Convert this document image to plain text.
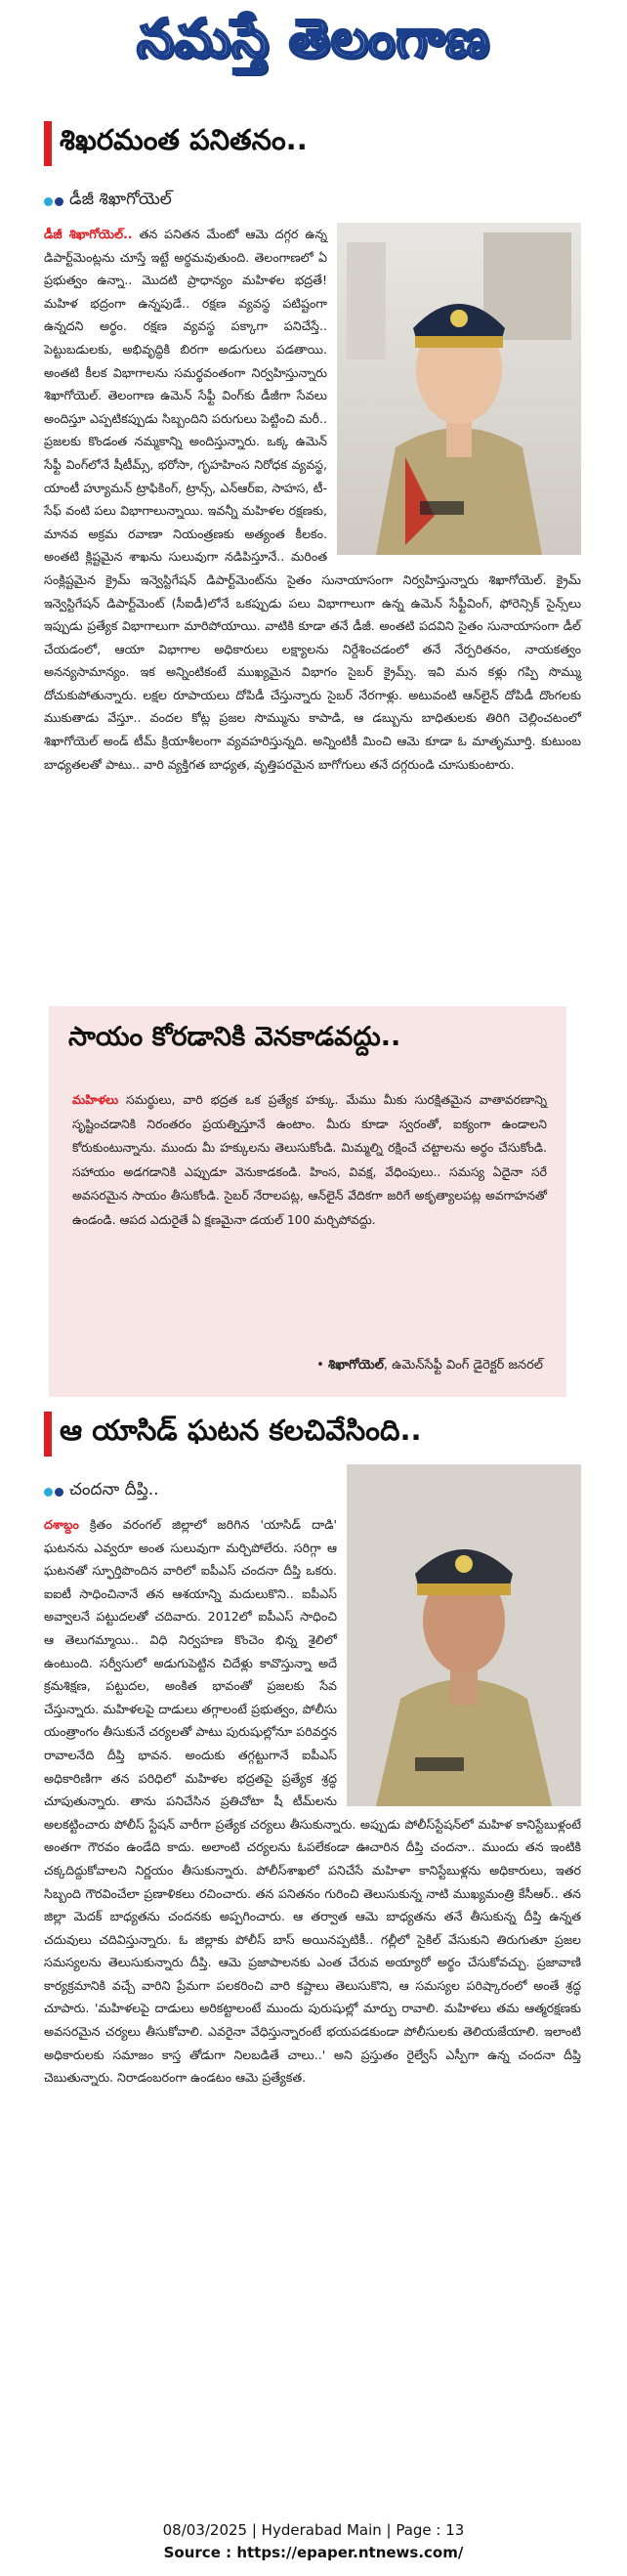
నమస్తే తెలంగాణ
శిఖరమంత పనితనం..
డీజీ శిఖాగోయెల్
డీజీ శిఖాగోయెల్.. తన పనితన మేంటో ఆమె దగ్గర ఉన్న డిపార్ట్‌మెంట్లను చూస్తే ఇట్టే అర్థమవుతుంది. తెలంగాణలో ఏ ప్రభుత్వం ఉన్నా.. మొదటి ప్రాధాన్యం మహిళల భద్రతే! మహిళ భద్రంగా ఉన్నపుడే.. రక్షణ వ్యవస్థ పటిష్టంగా ఉన్నదని అర్థం. రక్షణ వ్యవస్థ పక్కాగా పనిచేస్తే.. పెట్టుబడులకు, అభివృద్ధికి బిరగా అడుగులు పడతాయి. అంతటి కీలక విభాగాలను సమర్థవంతంగా నిర్వహిస్తున్నారు శిఖాగోయెల్. తెలంగాణ ఉమెన్ సేఫ్టీ వింగ్‌కు డీజీగా సేవలు అందిస్తూ ఎప్పటికప్పుడు సిబ్బందిని పరుగులు పెట్టించి మరీ.. ప్రజలకు కొండంత నమ్మకాన్ని అందిస్తున్నారు. ఒక్క ఉమెన్ సేఫ్టీ వింగ్‌లోనే షీటీమ్స్, భరోసా, గృహహింస నిరోధక వ్యవస్థ, యాంటీ హ్యూమన్ ట్రాఫికింగ్, ట్రాన్స్, ఎన్‌ఆర్‌ఐ, సాహస, టీ-సేఫ్ వంటి పలు విభాగాలున్నాయి. ఇవన్నీ మహిళల రక్షణకు, మానవ అక్రమ రవాణా నియంత్రణకు అత్యంత కీలకం. అంతటి క్లిష్టమైన శాఖను సులువుగా నడిపిస్తూనే.. మరింత సంక్లిష్టమైన క్రైమ్ ఇన్వెస్టిగేషన్ డిపార్ట్‌మెంట్‌ను సైతం సునాయాసంగా నిర్వహిస్తున్నారు శిఖాగోయెల్. క్రైమ్ ఇన్వెస్టిగేషన్ డిపార్ట్‌మెంట్ (సీఐడీ)లోనే ఒకప్పుడు పలు విభాగాలుగా ఉన్న ఉమెన్ సేఫ్టీవింగ్, ఫోరెన్సిక్ సైన్స్‌లు ఇప్పుడు ప్రత్యేక విభాగాలుగా మారిపోయాయి. వాటికి కూడా తనే డీజీ. అంతటి పదవిని సైతం సునాయాసంగా డీల్ చేయడంలో, ఆయా విభాగాల అధికారులు లక్ష్యాలను నిర్దేశించడంలో తనే నేర్పరితనం, నాయకత్వం అనన్యసామాన్యం. ఇక అన్నింటికంటే ముఖ్యమైన విభాగం సైబర్ క్రైమ్స్. ఇవి మన కళ్లు గప్పి సొమ్ము దోచుకుపోతున్నారు. లక్షల రూపాయలు దోపిడీ చేస్తున్నారు సైబర్ నేరగాళ్లు. అటువంటి ఆన్‌లైన్ దోపిడీ దొంగలకు ముకుతాడు వేస్తూ.. వందల కోట్ల ప్రజల సొమ్మును కాపాడి, ఆ డబ్బును బాధితులకు తిరిగి చెల్లించటంలో శిఖాగోయెల్ అండ్ టీమ్ క్రియాశీలంగా వ్యవహరిస్తున్నది. అన్నింటికీ మించి ఆమె కూడా ఓ మాతృమూర్తి. కుటుంబ బాధ్యతలతో పాటు.. వారి వ్యక్తిగత బాధ్యత, వృత్తిపరమైన బాగోగులు తనే దగ్గరుండి చూసుకుంటారు.
సాయం కోరడానికి వెనకాడవద్దు..
మహిళలు సమర్థులు, వారి భద్రత ఒక ప్రత్యేక హక్కు. మేము మీకు సురక్షితమైన వాతావరణాన్ని సృష్టించడానికి నిరంతరం ప్రయత్నిస్తూనే ఉంటాం. మీరు కూడా స్వరంతో, ఐక్యంగా ఉండాలని కోరుకుంటున్నాను. ముందు మీ హక్కులను తెలుసుకోండి. మిమ్మల్ని రక్షించే చట్టాలను అర్థం చేసుకోండి. సహాయం అడగడానికి ఎప్పుడూ వెనుకాడకండి. హింస, వివక్ష, వేధింపులు.. సమస్య ఏదైనా సరే అవసరమైన సాయం తీసుకోండి. సైబర్ నేరాలపట్ల, ఆన్‌లైన్ వేదికగా జరిగే అకృత్యాలపట్ల అవగాహనతో ఉండండి. ఆపద ఎదురైతే ఏ క్షణమైనా డయల్ 100 మర్చిపోవద్దు.
• శిఖాగోయెల్, ఉమెన్‌సేఫ్టీ వింగ్ డైరెక్టర్ జనరల్
ఆ యాసిడ్ ఘటన కలచివేసింది..
చందనా దీప్తి..
దశాబ్దం క్రితం వరంగల్ జిల్లాలో జరిగిన 'యాసిడ్ దాడి' ఘటనను ఎవ్వరూ అంత సులువుగా మర్చిపోలేరు. సరిగ్గా ఆ ఘటనతో స్ఫూర్తిపొందిన వారిలో ఐపీఎస్ చందనా దీప్తి ఒకరు. ఐఐటీ సాధించినానే తన ఆశయాన్ని మదులుకొని.. ఐపీఎస్ అవ్వాలనే పట్టుదలతో చదివారు. 2012లో ఐపీఎస్ సాధించి ఆ తెలుగమ్మాయి.. విధి నిర్వహణ కొంచెం భిన్న శైలిలో ఉంటుంది. సర్వీసులో అడుగుపెట్టిన చిదేళ్లు కావొస్తున్నా అదే క్రమశిక్షణ, పట్టుదల, అంకిత భావంతో ప్రజలకు సేవ చేస్తున్నారు. మహిళలపై దాడులు తగ్గాలంటే ప్రభుత్వం, పోలీసు యంత్రాంగం తీసుకునే చర్యలతో పాటు పురుషుల్లోనూ పరివర్తన రావాలనేది దీప్తి భావన. అందుకు తగ్గట్టుగానే ఐపీఎస్ అధికారిణిగా తన పరిధిలో మహిళల భద్రతపై ప్రత్యేక శ్రద్ధ చూపుతున్నారు. తాను పనిచేసిన ప్రతిచోటా షీ టీమ్‌లను అలకట్టించారు పోలీస్ స్టేషన్ వారీగా ప్రత్యేక చర్యలు తీసుకున్నారు. అప్పుడు పోలీస్‌స్టేషన్‌లో మహిళ కానిస్టేబుళ్లంటే అంతగా గౌరవం ఉండేది కాదు. అలాంటి చర్యలను ఓపలేకండా ఊచారిన దీప్తి చందనా.. ముందు తన ఇంటికి చక్కదిద్దుకోవాలని నిర్ణయం తీసుకున్నారు. పోలీస్‌శాఖలో పనిచేసే మహిళా కానిస్టేబుళ్లను అధికారులు, ఇతర సిబ్బంది గౌరవించేలా ప్రణాళికలు రచించారు. తన పనితనం గురించి తెలుసుకున్న నాటి ముఖ్యమంత్రి కేసీఆర్.. తన జిల్లా మెదక్ బాధ్యతను చందనకు అప్పగించారు. ఆ తర్వాత ఆమె బాధ్యతను తనే తీసుకున్న దీప్తి ఉన్నత చదువులు చదివిస్తున్నారు. ఓ జిల్లాకు పోలీస్ బాస్ అయినప్పటికీ.. గల్లీలో సైకిల్ వేసుకుని తిరుగుతూ ప్రజల సమస్యలను తెలుసుకున్నారు దీప్తి. ఆమె ప్రజాపాలనకు ఎంత చేరువ అయ్యారో అర్థం చేసుకోవచ్చు. ప్రజావాణి కార్యక్రమానికి వచ్చే వారిని ప్రేమగా పలకరించి వారి కష్టాలు తెలుసుకొని, ఆ సమస్యల పరిష్కారంలో అంతే శ్రద్ధ చూపారు. 'మహిళలపై దాడులు అరికట్టాలంటే ముందు పురుషుల్లో మార్పు రావాలి. మహిళలు తమ ఆత్మరక్షణకు అవసరమైన చర్యలు తీసుకోవాలి. ఎవరైనా వేధిస్తున్నారంటే భయపడకుండా పోలీసులకు తెలియజేయాలి. ఇలాంటి అధికారులకు సమాజం కాస్త తోడుగా నిలబడితే చాలు..' అని ప్రస్తుతం రైల్వేస్ ఎస్పీగా ఉన్న చందనా దీప్తి చెబుతున్నారు. నిరాడంబరంగా ఉండటం ఆమె ప్రత్యేకత.
08/03/2025 | Hyderabad Main | Page : 13
Source : https://epaper.ntnews.com/
